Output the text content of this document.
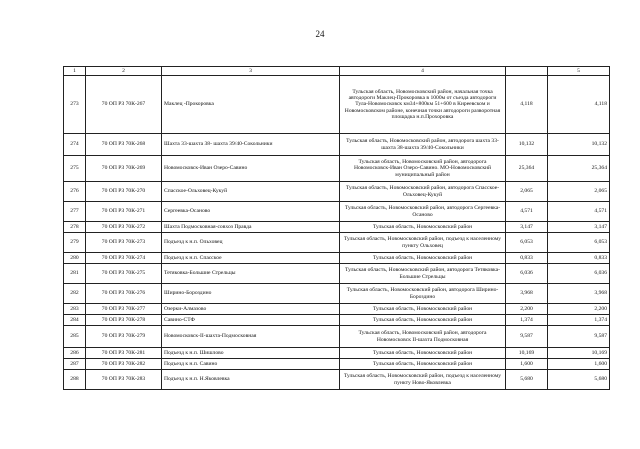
24
1	2	3	4		5
273	70 ОП РЗ 70К-267	Маклец -Прокоровка	Тульская область, Новомосковский район, начальная точка автодороги Маклец-Прокоровка в 1000м от съезда автодороги Тула-Новомосковск км34+800км 51+600 в Киреевском и Новомосковском районе, конечная точки автодороги разворотная площадка н.п.Прохоровка	4,118	4,118
274	70 ОП РЗ 70К-268	Шахта 33-шахта 38- шахта 39/40-Сокольники	Тульская область, Новомосковский район, автодорога шахта 33-шахта 38-шахта 39/40-Сокольники	10,132	10,132
275	70 ОП РЗ 70К-269	Новомосковск-Иван Озеро-Савино	Тульская область, Новомосковский район, автодорога Новомосковск-Иван Озеро-Савино. МО-Новомосковский муниципальный район	25,364	25,364
276	70 ОП РЗ 70К-270	Спасское-Ольховец-Кукуй	Тульская область, Новомосковский район, автодорога Спасское-Ольховец-Кукуй	2,065	2,065
277	70 ОП РЗ 70К-271	Сергеевка-Осаново	Тульская область, Новомосковский район, автодорога Сергеевка-Осаново	4,571	4,571
278	70 ОП РЗ 70К-272	Шахта Подмосковная-совхоз Правда	Тульская область, Новомосковский район	3,147	3,147
279	70 ОП РЗ 70К-273	Подъезд к н.п. Ольховец	Тульская область, Новомосковский район, подъезд к населенному пункту Ольховец	6,053	6,053
280	70 ОП РЗ 70К-274	Подъезд к н.п. Спасское	Тульская область, Новомосковский район	0,833	0,833
281	70 ОП РЗ 70К-275	Тетяковка-Большие Стрельцы	Тульская область, Новомосковский район, автодорога Тетяковка-Большие Стрельцы	6,036	6,036
282	70 ОП РЗ 70К-276	Ширино-Бороздино	Тульская область, Новомосковский район, автодорога Ширино-Бороздино	3,968	3,968
283	70 ОП РЗ 70К-277	Озерки-Алмазово	Тульская область, Новомосковский район	2,200	2,200
284	70 ОП РЗ 70К-278	Савино-СТФ	Тульская область, Новомосковский район	1,374	1,374
285	70 ОП РЗ 70К-279	Новомосковск-II-шахта-Подмосковная	Тульская область, Новомосковский район, автодорога Новомосковск II-шахта Подмосковная	9,587	9,587
286	70 ОП РЗ 70К-281	Подъезд к н.п. Шишлово	Тульская область, Новомосковский район	10,169	10,169
287	70 ОП РЗ 70К-282	Подъезд к н.п. Савино	Тульская область, Новомосковский район	1,600	1,600
288	70 ОП РЗ 70К-283	Подъезд к н.п. Н.Яковлевка	Тульская область, Новомосковский район, подъезд к населенному пункту Ново-Яковлевка	5,680	5,680
